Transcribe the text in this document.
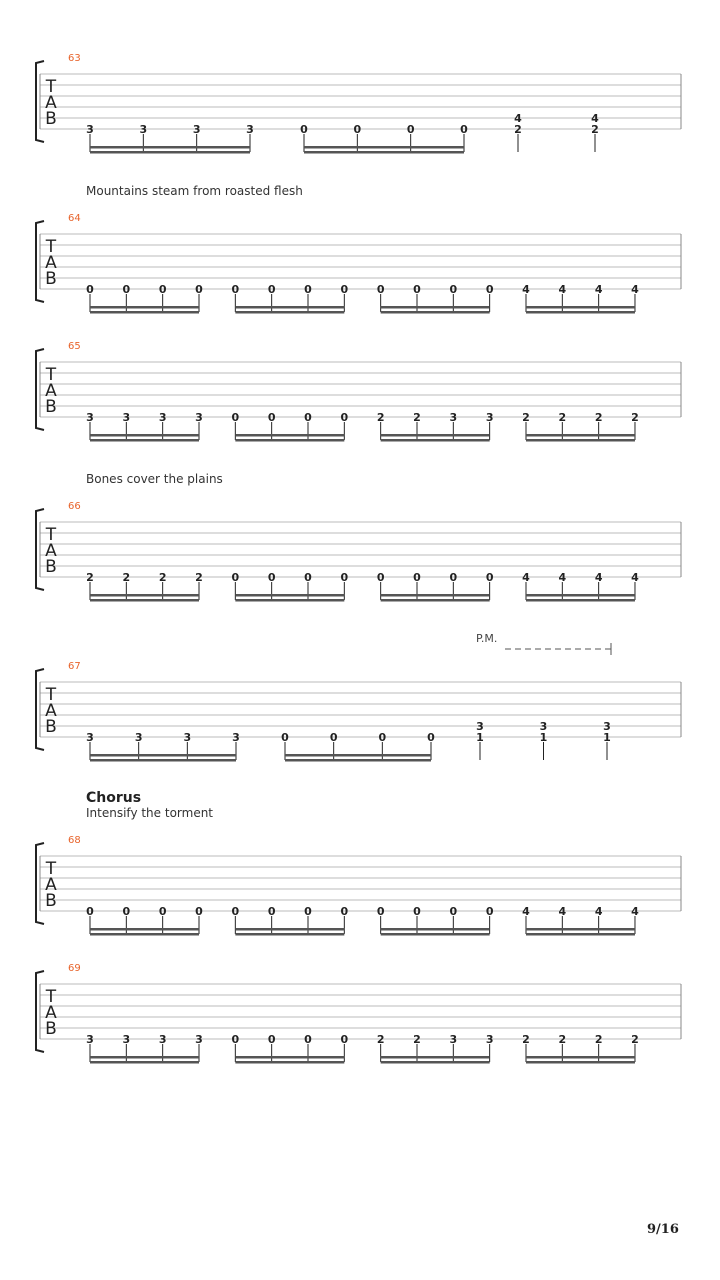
Mountains steam from roasted flesh
Bones cover the plains
P.M.
Chorus
Intensify the torment
T
A
B
63
3	3	3	3	0	0	0	0
4
2
4
2
T
A
B
64
0	0	0	0	0	0	0	0	0	0	0	0	4	4	4	4
T
A
B
65
3	3	3	3	0	0	0	0	2	2	3	3	2	2	2	2
T
A
B
66
2	2	2	2	0	0	0	0	0	0	0	0	4	4	4	4
T
A
B
67
3	3	3	3	0	0	0	0
3
1
3
1
3
1
T
A
B
68
0	0	0	0	0	0	0	0	0	0	0	0	4	4	4	4
T
A
B
69
3	3	3	3	0	0	0	0	2	2	3	3	2	2	2	2
9/16
